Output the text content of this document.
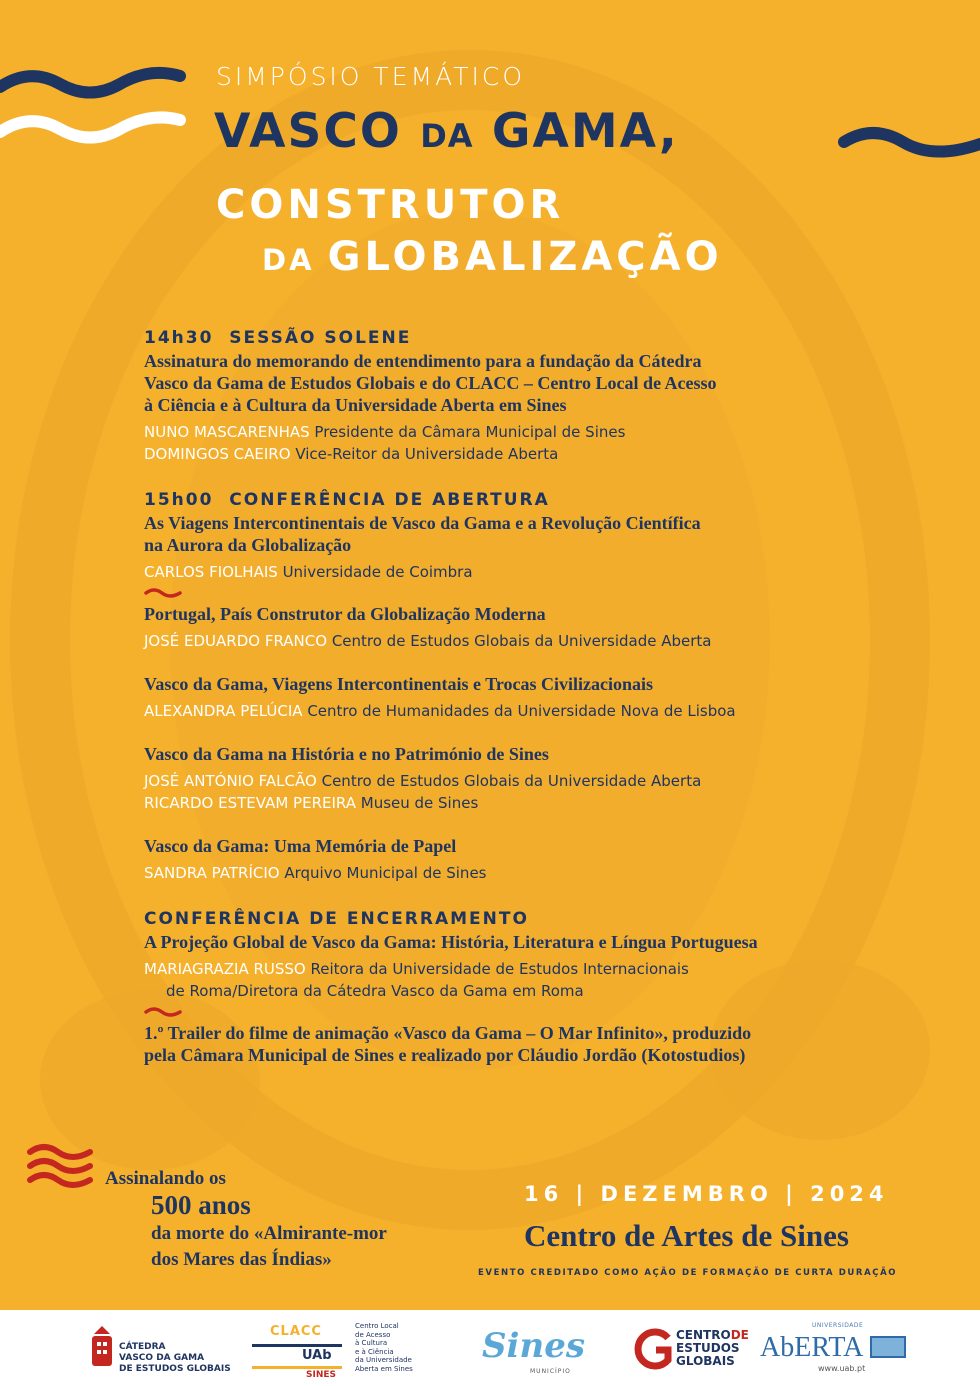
SIMPÓSIO TEMÁTICO
VASCO DA GAMA,
CONSTRUTOR
DA GLOBALIZAÇÃO

14h30 SESSÃO SOLENE

Assinatura do memorando de entendimento para a fundação da Cátedra

Vasco da Gama de Estudos Globais e do CLACC – Centro Local de Acesso

à Ciência e à Cultura da Universidade Aberta em Sines

NUNO MASCARENHAS Presidente da Câmara Municipal de Sines

DOMINGOS CAEIRO Vice-Reitor da Universidade Aberta

15h00 CONFERÊNCIA DE ABERTURA

As Viagens Intercontinentais de Vasco da Gama e a Revolução Científica

na Aurora da Globalização

CARLOS FIOLHAIS Universidade de Coimbra

Portugal, País Construtor da Globalização Moderna

JOSÉ EDUARDO FRANCO Centro de Estudos Globais da Universidade Aberta

Vasco da Gama, Viagens Intercontinentais e Trocas Civilizacionais

ALEXANDRA PELÚCIA Centro de Humanidades da Universidade Nova de Lisboa

Vasco da Gama na História e no Património de Sines

JOSÉ ANTÓNIO FALCÃO Centro de Estudos Globais da Universidade Aberta

RICARDO ESTEVAM PEREIRA Museu de Sines

Vasco da Gama: Uma Memória de Papel

SANDRA PATRÍCIO Arquivo Municipal de Sines

CONFERÊNCIA DE ENCERRAMENTO

A Projeção Global de Vasco da Gama: História, Literatura e Língua Portuguesa

MARIAGRAZIA RUSSO Reitora da Universidade de Estudos Internacionais

de Roma/Diretora da Cátedra Vasco da Gama em Roma

1.º Trailer do filme de animação «Vasco da Gama – O Mar Infinito», produzido

pela Câmara Municipal de Sines e realizado por Cláudio Jordão (Kotostudios)

Assinalando os
500 anos
da morte do «Almirante-mor
dos Mares das Índias»
16 | DEZEMBRO | 2024
Centro de Artes de Sines
EVENTO CREDITADO COMO AÇÃO DE FORMAÇÃO DE CURTA DURAÇÃO
CÁTEDRA
VASCO DA GAMA
DE ESTUDOS GLOBAIS
CLACC
UAb
SINES
Centro Local
de Acesso
à Cultura
e à Ciência
da Universidade
Aberta em Sines
Sines
MUNICÍPIO
CENTRODE
ESTUDOS
GLOBAIS
UNIVERSIDADE
AbERTA
www.uab.pt
